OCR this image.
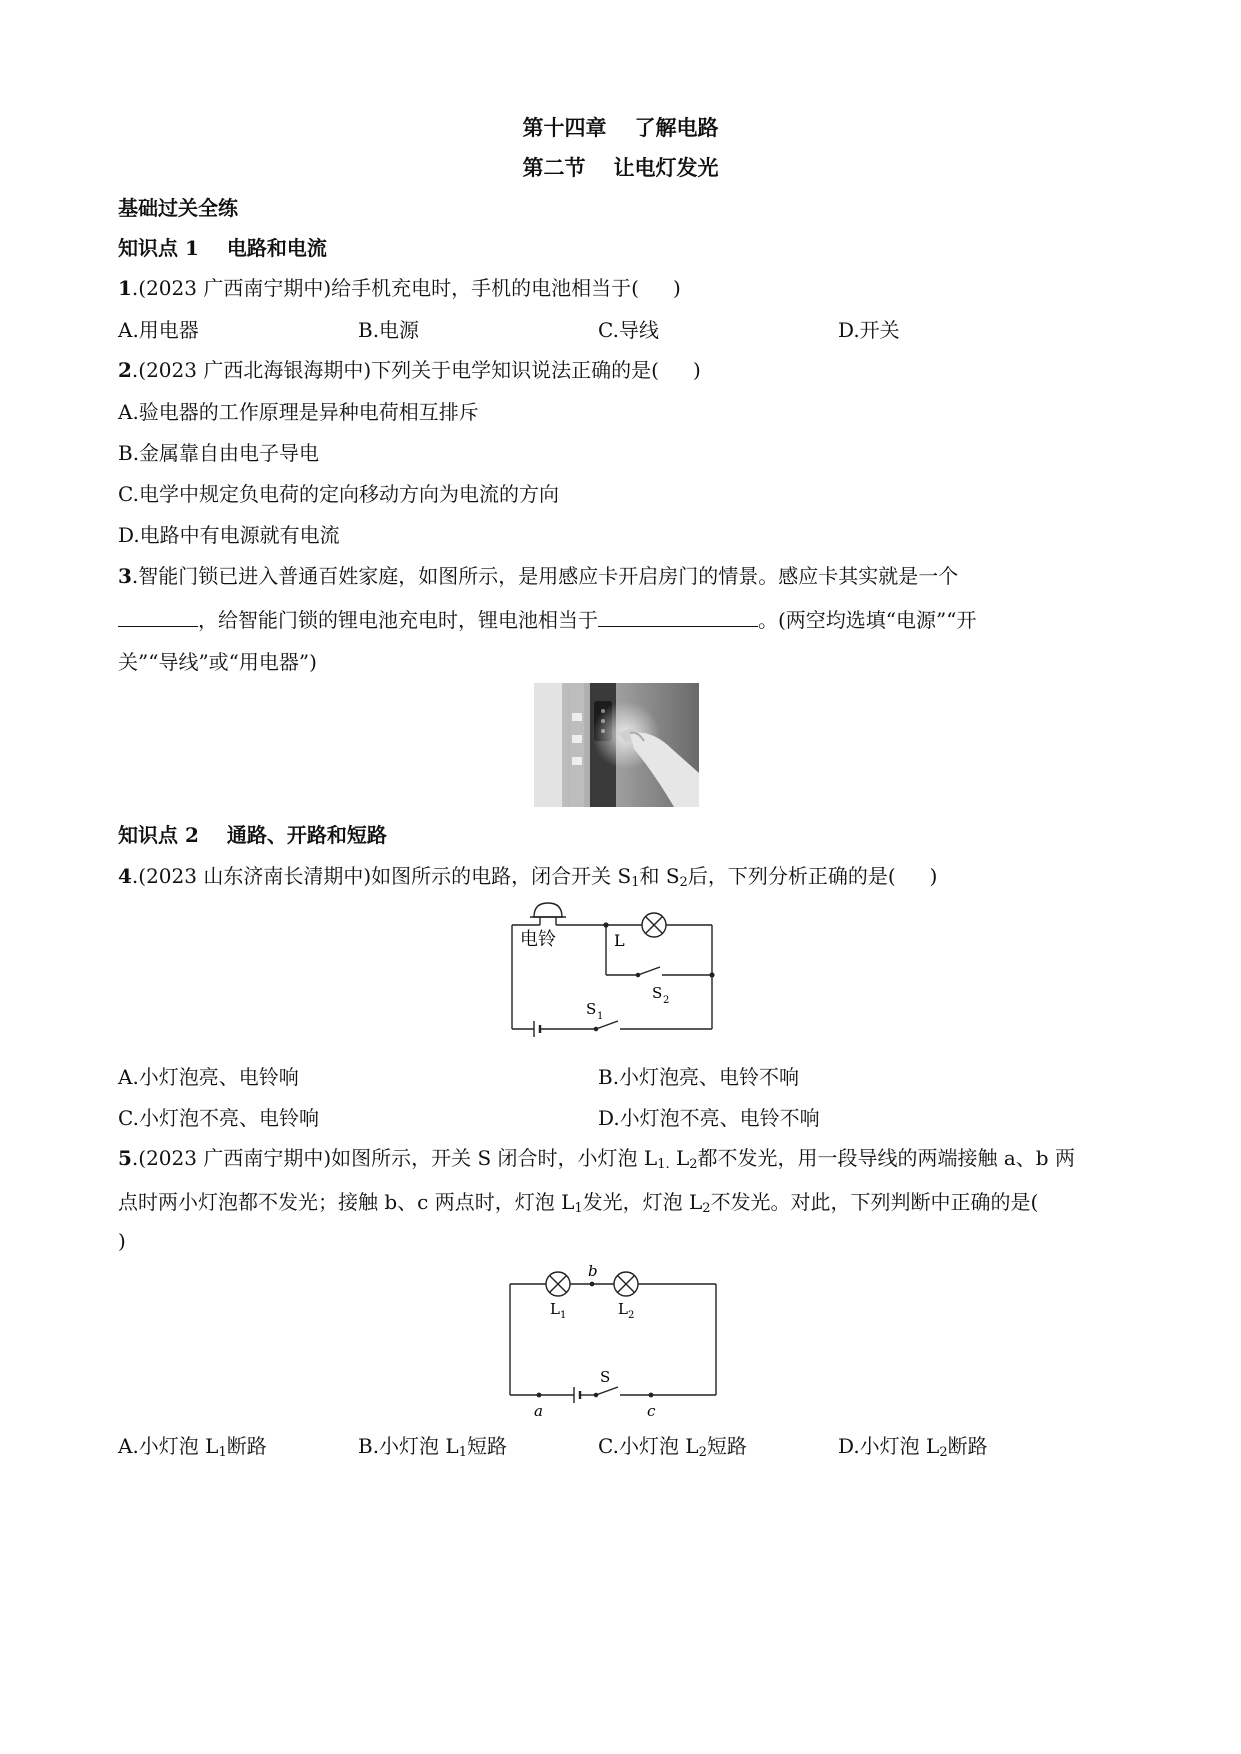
第十四章 了解电路
第二节 让电灯发光
基础过关全练
知识点 1 电路和电流
1.(2023 广西南宁期中)给手机充电时，手机的电池相当于( )
A.用电器	B.电源	C.导线	D.开关
2.(2023 广西北海银海期中)下列关于电学知识说法正确的是( )
A.验电器的工作原理是异种电荷相互排斥
B.金属靠自由电子导电
C.电学中规定负电荷的定向移动方向为电流的方向
D.电路中有电源就有电流
3.智能门锁已进入普通百姓家庭，如图所示，是用感应卡开启房门的情景。感应卡其实就是一个
，给智能门锁的锂电池充电时，锂电池相当于	。(两空均选填“电源”“开
关”“导线”或“用电器”)
知识点 2 通路、开路和短路
4.(2023 山东济南长清期中)如图所示的电路，闭合开关 $S_1$和 $S_2$后，下列分析正确的是( )
电铃	L
S 2
S 1
A.小灯泡亮、电铃响	B.小灯泡亮、电铃不响
C.小灯泡不亮、电铃响	D.小灯泡不亮、电铃不响
5.(2023 广西南宁期中)如图所示，开关 S 闭合时，小灯泡 $L_{1.}$ $L_2$都不发光，用一段导线的两端接触 a、b 两
点时两小灯泡都不发光；接触 b、c 两点时，灯泡 $L_1$发光，灯泡 $L_2$不发光。对此，下列判断中正确的是(
)
b
L 1	L 2
S
a	c
A.小灯泡 $L_1$断路	B.小灯泡 $L_1$短路	C.小灯泡 $L_2$短路	D.小灯泡 $L_2$断路
